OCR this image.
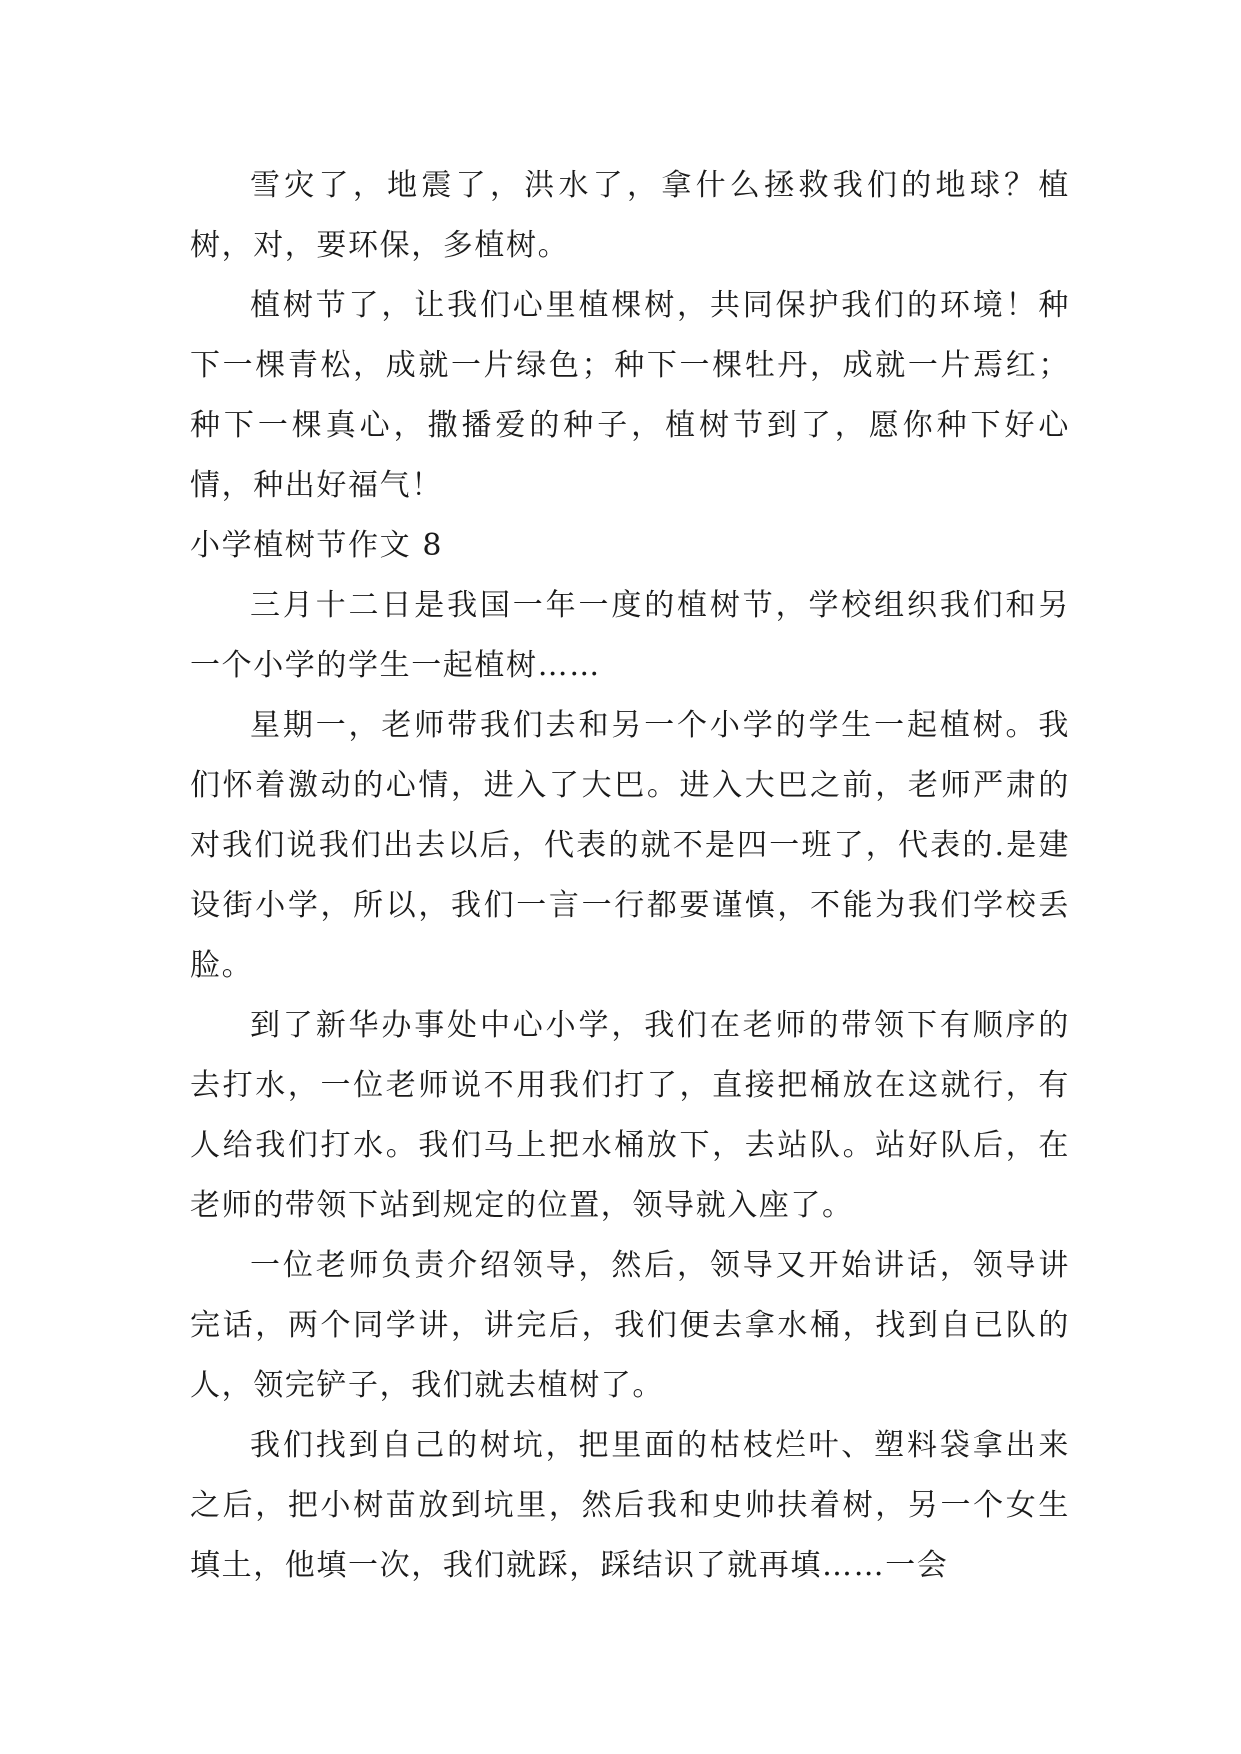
雪灾了，地震了，洪水了，拿什么拯救我们的地球？植树，对，要环保，多植树。

植树节了，让我们心里植棵树，共同保护我们的环境！种下一棵青松，成就一片绿色；种下一棵牡丹，成就一片焉红；种下一棵真心，撒播爱的种子，植树节到了，愿你种下好心情，种出好福气！

小学植树节作文 8

三月十二日是我国一年一度的植树节，学校组织我们和另一个小学的学生一起植树……

星期一，老师带我们去和另一个小学的学生一起植树。我们怀着激动的心情，进入了大巴。进入大巴之前，老师严肃的对我们说我们出去以后，代表的就不是四一班了，代表的.是建设街小学，所以，我们一言一行都要谨慎，不能为我们学校丢脸。

到了新华办事处中心小学，我们在老师的带领下有顺序的去打水，一位老师说不用我们打了，直接把桶放在这就行，有人给我们打水。我们马上把水桶放下，去站队。站好队后，在老师的带领下站到规定的位置，领导就入座了。

一位老师负责介绍领导，然后，领导又开始讲话，领导讲完话，两个同学讲，讲完后，我们便去拿水桶，找到自已队的人，领完铲子，我们就去植树了。

我们找到自己的树坑，把里面的枯枝烂叶、塑料袋拿出来之后，把小树苗放到坑里，然后我和史帅扶着树，另一个女生填土，他填一次，我们就踩，踩结识了就再填……一会
